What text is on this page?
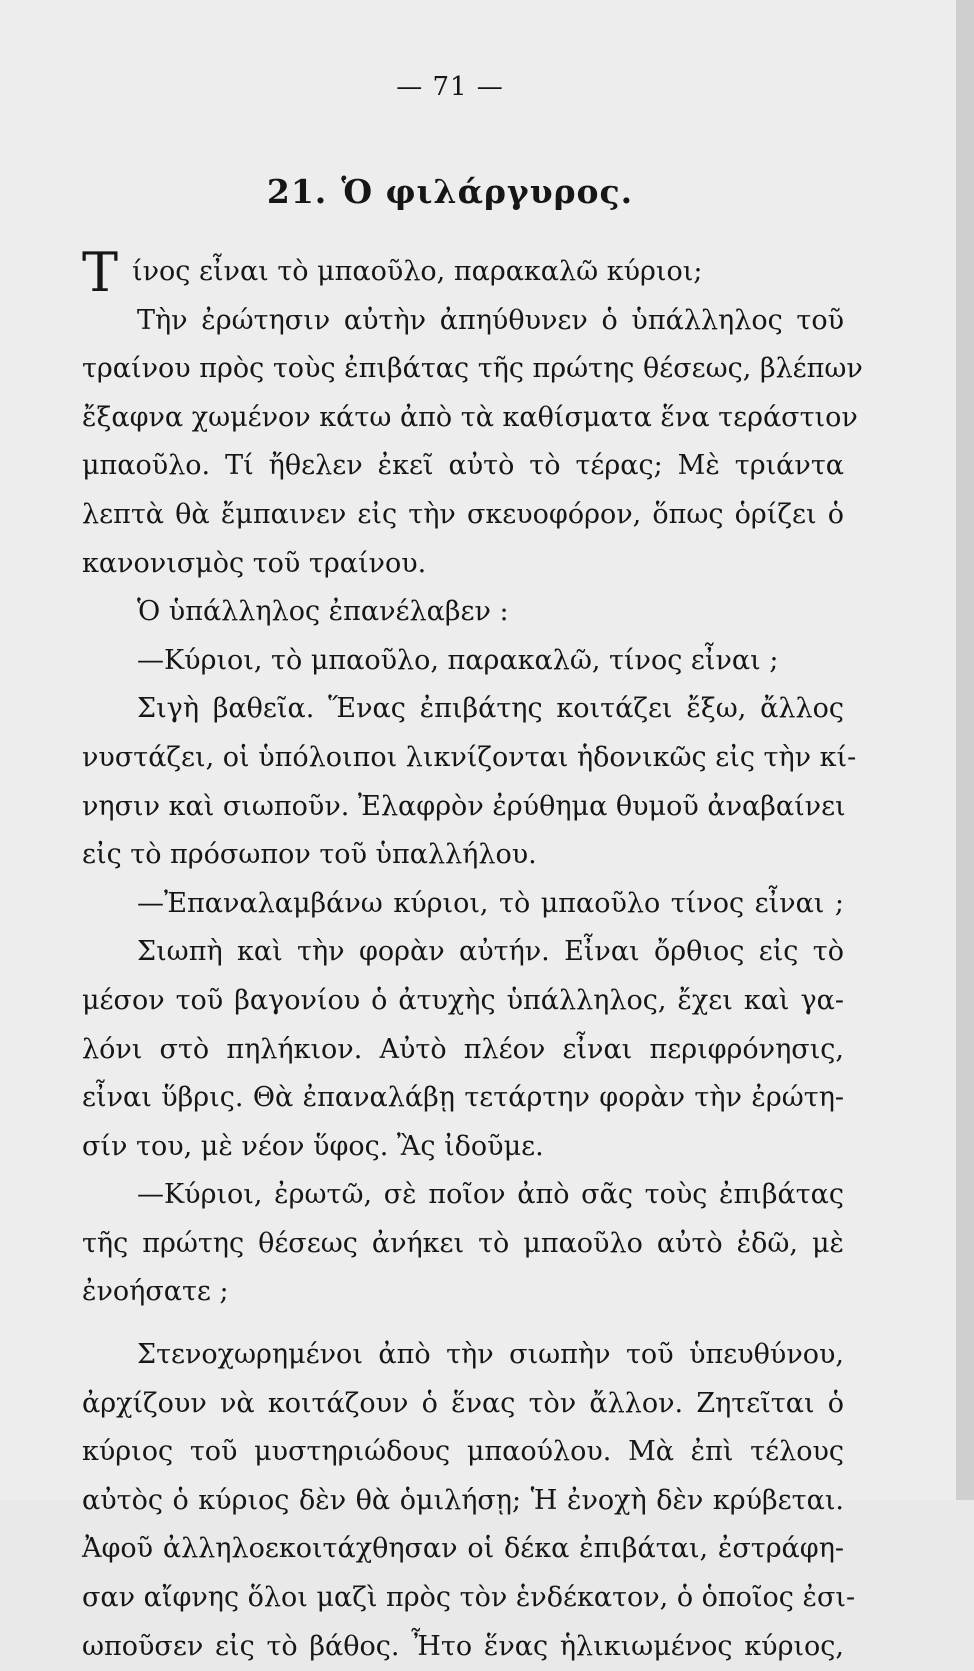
— 71 —
21. Ὁ φιλάργυρος.
Τ ίνος εἶναι τὸ μπαοῦλο, παρακαλῶ κύριοι;
Τὴν ἐρώτησιν αὐτὴν ἀπηύθυνεν ὁ ὑπάλληλος τοῦ
τραίνου πρὸς τοὺς ἐπιβάτας τῆς πρώτης θέσεως, βλέπων
ἔξαφνα χωμένον κάτω ἀπὸ τὰ καθίσματα ἕνα τεράστιον
μπαοῦλο. Τί ἤθελεν ἐκεῖ αὐτὸ τὸ τέρας; Μὲ τριάντα
λεπτὰ θὰ ἔμπαινεν εἰς τὴν σκευοφόρον, ὅπως ὁρίζει ὁ
κανονισμὸς τοῦ τραίνου.
Ὁ ὑπάλληλος ἐπανέλαβεν :
—Κύριοι, τὸ μπαοῦλο, παρακαλῶ, τίνος εἶναι ;
Σιγὴ βαθεῖα. Ἕνας ἐπιβάτης κοιτάζει ἔξω, ἄλλος
νυστάζει, οἱ ὑπόλοιποι λικνίζονται ἡδονικῶς εἰς τὴν κί-
νησιν καὶ σιωποῦν. Ἐλαφρὸν ἐρύθημα θυμοῦ ἀναβαίνει
εἰς τὸ πρόσωπον τοῦ ὑπαλλήλου.
—Ἐπαναλαμβάνω κύριοι, τὸ μπαοῦλο τίνος εἶναι ;
Σιωπὴ καὶ τὴν φορὰν αὐτήν. Εἶναι ὄρθιος εἰς τὸ
μέσον τοῦ βαγονίου ὁ ἀτυχὴς ὑπάλληλος, ἔχει καὶ γα-
λόνι στὸ πηλήκιον. Αὐτὸ πλέον εἶναι περιφρόνησις,
εἶναι ὕβρις. Θὰ ἐπαναλάβῃ τετάρτην φορὰν τὴν ἐρώτη-
σίν του, μὲ νέον ὕφος. Ἂς ἰδοῦμε.
—Κύριοι, ἐρωτῶ, σὲ ποῖον ἀπὸ σᾶς τοὺς ἐπιβάτας
τῆς πρώτης θέσεως ἀνήκει τὸ μπαοῦλο αὐτὸ ἐδῶ, μὲ
ἐνοήσατε ;
Στενοχωρημένοι ἀπὸ τὴν σιωπὴν τοῦ ὑπευθύνου,
ἀρχίζουν νὰ κοιτάζουν ὁ ἕνας τὸν ἄλλον. Ζητεῖται ὁ
κύριος τοῦ μυστηριώδους μπαούλου. Μὰ ἐπὶ τέλους
αὐτὸς ὁ κύριος δὲν θὰ ὁμιλήσῃ; Ἡ ἐνοχὴ δὲν κρύβεται.
Ἀφοῦ ἀλληλοεκοιτάχθησαν οἱ δέκα ἐπιβάται, ἐστράφη-
σαν αἴφνης ὅλοι μαζὶ πρὸς τὸν ἑνδέκατον, ὁ ὁποῖος ἐσι-
ωποῦσεν εἰς τὸ βάθος. Ἦτο ἕνας ἡλικιωμένος κύριος,
